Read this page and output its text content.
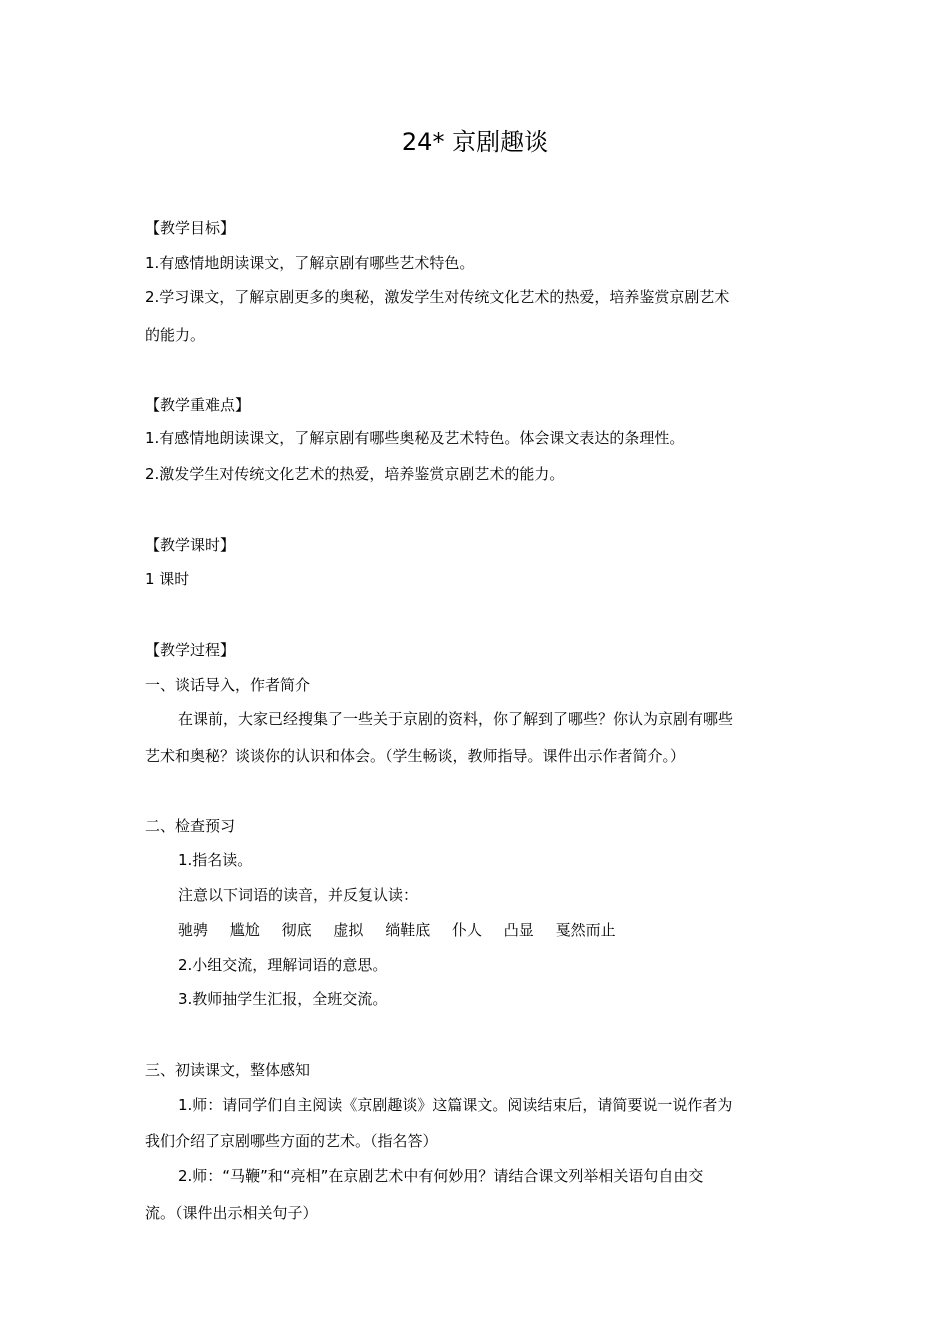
24* 京剧趣谈
【教学目标】
1.有感情地朗读课文，了解京剧有哪些艺术特色。
2.学习课文，了解京剧更多的奥秘，激发学生对传统文化艺术的热爱，培养鉴赏京剧艺术
的能力。
【教学重难点】
1.有感情地朗读课文，了解京剧有哪些奥秘及艺术特色。体会课文表达的条理性。
2.激发学生对传统文化艺术的热爱，培养鉴赏京剧艺术的能力。
【教学课时】
1 课时
【教学过程】
一、谈话导入，作者简介
在课前，大家已经搜集了一些关于京剧的资料，你了解到了哪些？你认为京剧有哪些
艺术和奥秘？谈谈你的认识和体会。（学生畅谈，教师指导。课件出示作者简介。）
二、检查预习
1.指名读。
注意以下词语的读音，并反复认读：
驰骋 尴尬 彻底 虚拟 绱鞋底 仆人 凸显 戛然而止
2.小组交流，理解词语的意思。
3.教师抽学生汇报，全班交流。
三、初读课文，整体感知
1.师：请同学们自主阅读《京剧趣谈》这篇课文。阅读结束后，请简要说一说作者为
我们介绍了京剧哪些方面的艺术。（指名答）
2.师：“马鞭”和“亮相”在京剧艺术中有何妙用？请结合课文列举相关语句自由交
流。（课件出示相关句子）
